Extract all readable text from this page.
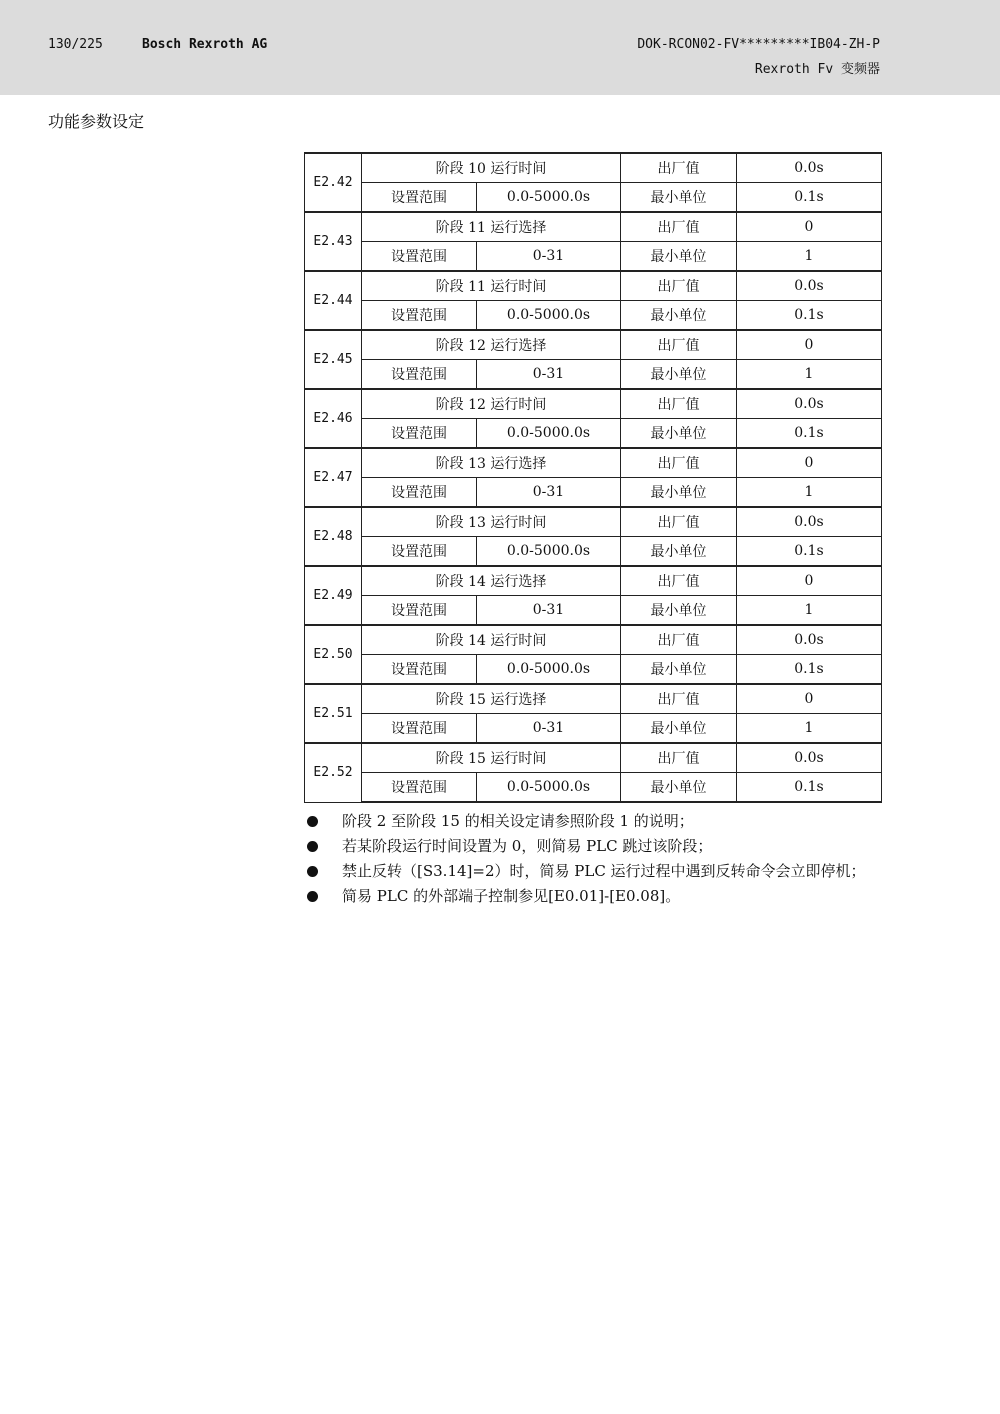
130/225	Bosch Rexroth AG	DOK-RCON02-FV*********IB04-ZH-P
Rexroth Fv 变频器
功能参数设定
E2.42	阶段 10 运行时间		出厂值	0.0s
	设置范围	0.0-5000.0s	最小单位	0.1s
E2.43	阶段 11 运行选择		出厂值	0
	设置范围	0-31	最小单位	1
E2.44	阶段 11 运行时间		出厂值	0.0s
	设置范围	0.0-5000.0s	最小单位	0.1s
E2.45	阶段 12 运行选择		出厂值	0
	设置范围	0-31	最小单位	1
E2.46	阶段 12 运行时间		出厂值	0.0s
	设置范围	0.0-5000.0s	最小单位	0.1s
E2.47	阶段 13 运行选择		出厂值	0
	设置范围	0-31	最小单位	1
E2.48	阶段 13 运行时间		出厂值	0.0s
	设置范围	0.0-5000.0s	最小单位	0.1s
E2.49	阶段 14 运行选择		出厂值	0
	设置范围	0-31	最小单位	1
E2.50	阶段 14 运行时间		出厂值	0.0s
	设置范围	0.0-5000.0s	最小单位	0.1s
E2.51	阶段 15 运行选择		出厂值	0
	设置范围	0-31	最小单位	1
E2.52	阶段 15 运行时间		出厂值	0.0s
	设置范围	0.0-5000.0s	最小单位	0.1s
阶段 2 至阶段 15 的相关设定请参照阶段 1 的说明；
若某阶段运行时间设置为 0，则简易 PLC 跳过该阶段；
禁止反转（[S3.14]=2）时，简易 PLC 运行过程中遇到反转命令会立即停机；
简易 PLC 的外部端子控制参见[E0.01]-[E0.08]。
